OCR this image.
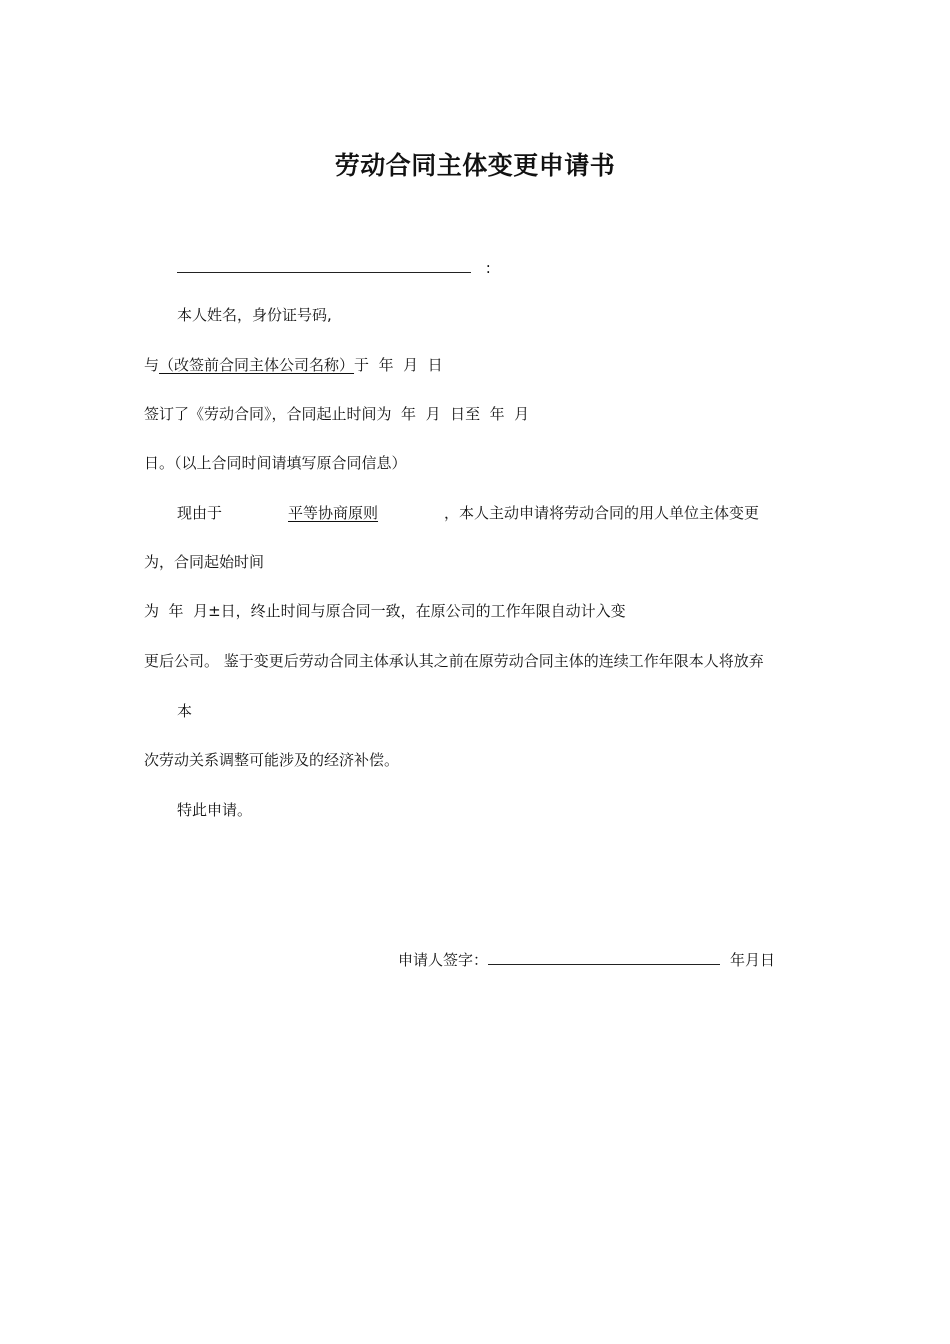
劳动合同主体变更申请书
:
本人姓名，身份证号码,
与（改签前合同主体公司名称）于  年  月  日
签订了《劳动合同》，合同起止时间为  年  月  日至  年  月
日。（以上合同时间请填写原合同信息）
现由于	平等协商原则	，本人主动申请将劳动合同的用人单位主体变更
为，合同起始时间
为  年  月±日，终止时间与原合同一致，在原公司的工作年限自动计入变
更后公司。 鉴于变更后劳动合同主体承认其之前在原劳动合同主体的连续工作年限本人将放弃
本
次劳动关系调整可能涉及的经济补偿。
特此申请。
申请人签字：	年月日
